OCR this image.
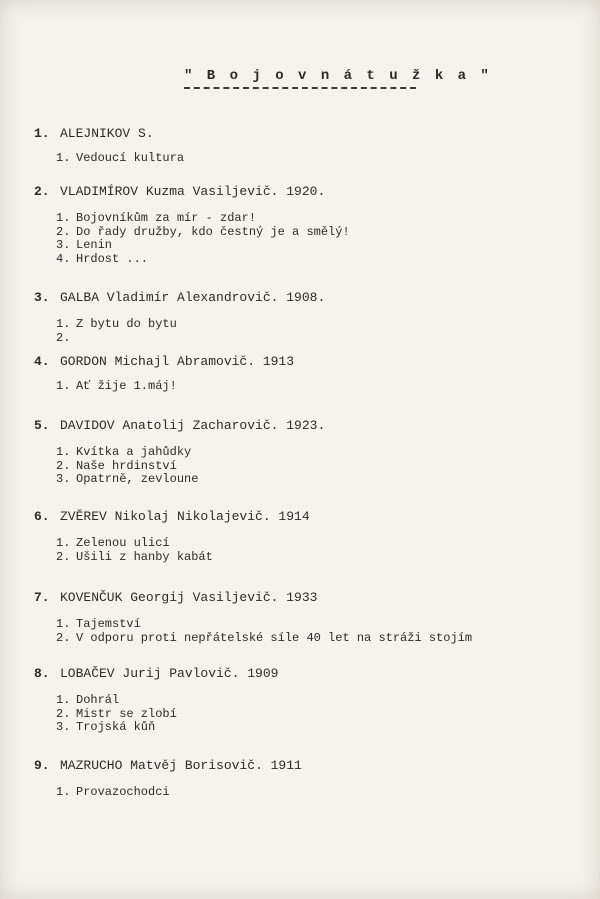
" B o j o v n á t u ž k a "
1. ALEJNIKOV S.
1. Vedoucí kultura
2. VLADIMÍROV Kuzma Vasiljevič. 1920.
1. Bojovníkům za mír - zdar!
2. Do řady družby, kdo čestný je a smělý!
3. Lenin
4. Hrdost ...
3. GALBA Vladimír Alexandrovič. 1908.
1. Z bytu do bytu
2.
4. GORDON Michajl Abramovič. 1913
1. Ať žije 1.máj!
5. DAVIDOV Anatolij Zacharovič. 1923.
1. Kvítka a jahůdky
2. Naše hrdinství
3. Opatrně, zevloune
6. ZVĚREV Nikolaj Nikolajevič. 1914
1. Zelenou ulicí
2. Ušili z hanby kabát
7. KOVENČUK Georgij Vasiljevič. 1933
1. Tajemství
2. V odporu proti nepřátelské síle 40 let na stráži stojím
8. LOBAČEV Jurij Pavlovič. 1909
1. Dohrál
2. Mistr se zlobí
3. Trojská kůň
9. MAZRUCHO Matvěj Borisovič. 1911
1. Provazochodci
